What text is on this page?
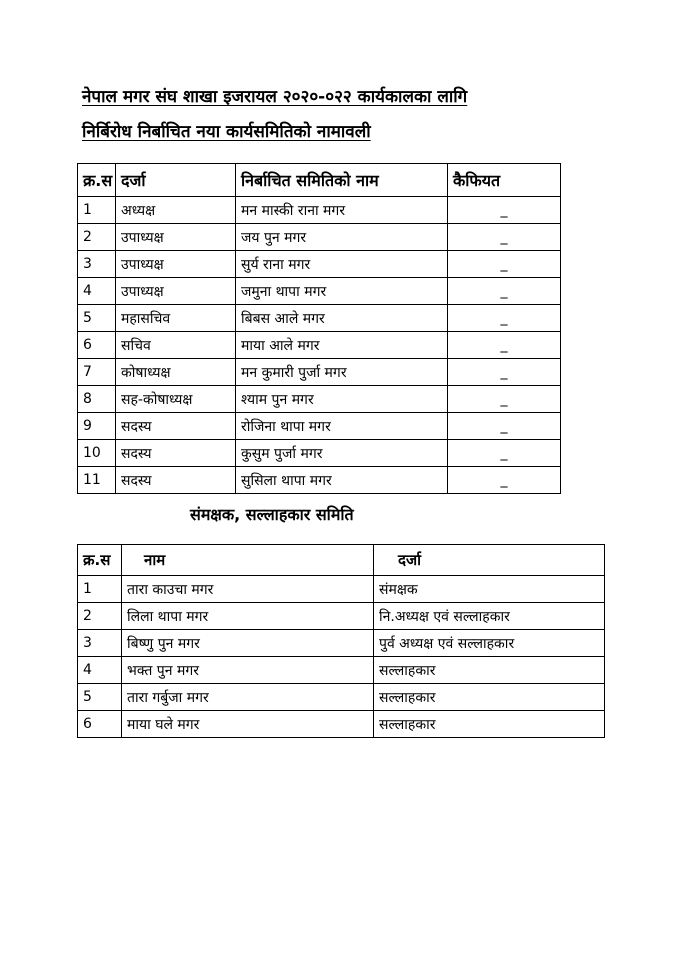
नेपाल मगर संघ शाखा इजरायल २०२०-०२२ कार्यकालका लागि
निर्बिरोध निर्बाचित नया कार्यसमितिको नामावली
क्र.स	दर्जा	निर्बाचित समितिको नाम	कैफियत
1	अध्यक्ष	मन मास्की राना मगर	_
2	उपाध्यक्ष	जय पुन मगर	_
3	उपाध्यक्ष	सुर्य राना मगर	_
4	उपाध्यक्ष	जमुना थापा मगर	_
5	महासचिव	बिबस आले मगर	_
6	सचिव	माया आले मगर	_
7	कोषाध्यक्ष	मन कुमारी पुर्जा मगर	_
8	सह-कोषाध्यक्ष	श्याम पुन मगर	_
9	सदस्य	रोजिना थापा मगर	_
10	सदस्य	कुसुम पुर्जा मगर	_
11	सदस्य	सुसिला थापा मगर	_
संमक्षक, सल्लाहकार समिति
क्र.स	नाम	दर्जा
1	तारा काउचा मगर	संमक्षक
2	लिला थापा मगर	नि.अध्यक्ष एवं सल्लाहकार
3	बिष्णु पुन मगर	पुर्व अध्यक्ष एवं सल्लाहकार
4	भक्त पुन मगर	सल्लाहकार
5	तारा गर्बुजा मगर	सल्लाहकार
6	माया घले मगर	सल्लाहकार
